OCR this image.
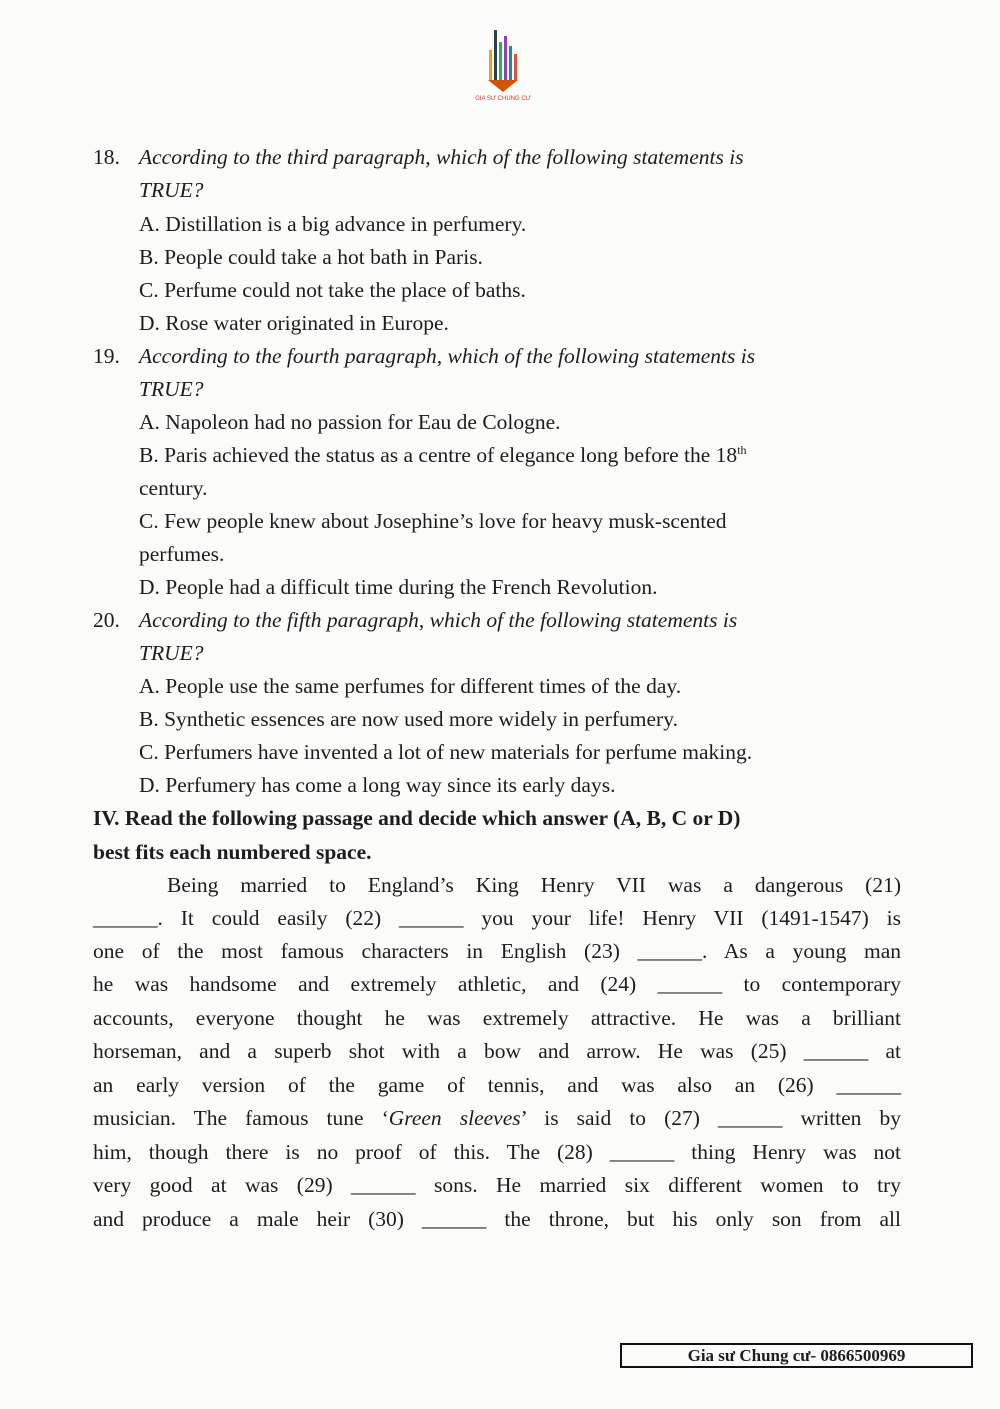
GIA SƯ CHUNG CƯ
18. According to the third paragraph, which of the following statements is
TRUE?
A. Distillation is a big advance in perfumery.
B. People could take a hot bath in Paris.
C. Perfume could not take the place of baths.
D. Rose water originated in Europe.
19. According to the fourth paragraph, which of the following statements is
TRUE?
A. Napoleon had no passion for Eau de Cologne.
B. Paris achieved the status as a centre of elegance long before the 18th
century.
C. Few people knew about Josephine’s love for heavy musk-scented
perfumes.
D. People had a difficult time during the French Revolution.
20. According to the fifth paragraph, which of the following statements is
TRUE?
A. People use the same perfumes for different times of the day.
B. Synthetic essences are now used more widely in perfumery.
C. Perfumers have invented a lot of new materials for perfume making.
D. Perfumery has come a long way since its early days.
IV. Read the following passage and decide which answer (A, B, C or D)
best fits each numbered space.
Being married to England’s King Henry VII was a dangerous (21)
______. It could easily (22) ______ you your life! Henry VII (1491-1547) is
one of the most famous characters in English (23) ______. As a young man
he was handsome and extremely athletic, and (24) ______ to contemporary
accounts, everyone thought he was extremely attractive. He was a brilliant
horseman, and a superb shot with a bow and arrow. He was (25) ______ at
an early version of the game of tennis, and was also an (26) ______
musician. The famous tune ‘Green sleeves’ is said to (27) ______ written by
him, though there is no proof of this. The (28) ______ thing Henry was not
very good at was (29) ______ sons. He married six different women to try
and produce a male heir (30) ______ the throne, but his only son from all
Gia sư Chung cư- 0866500969
